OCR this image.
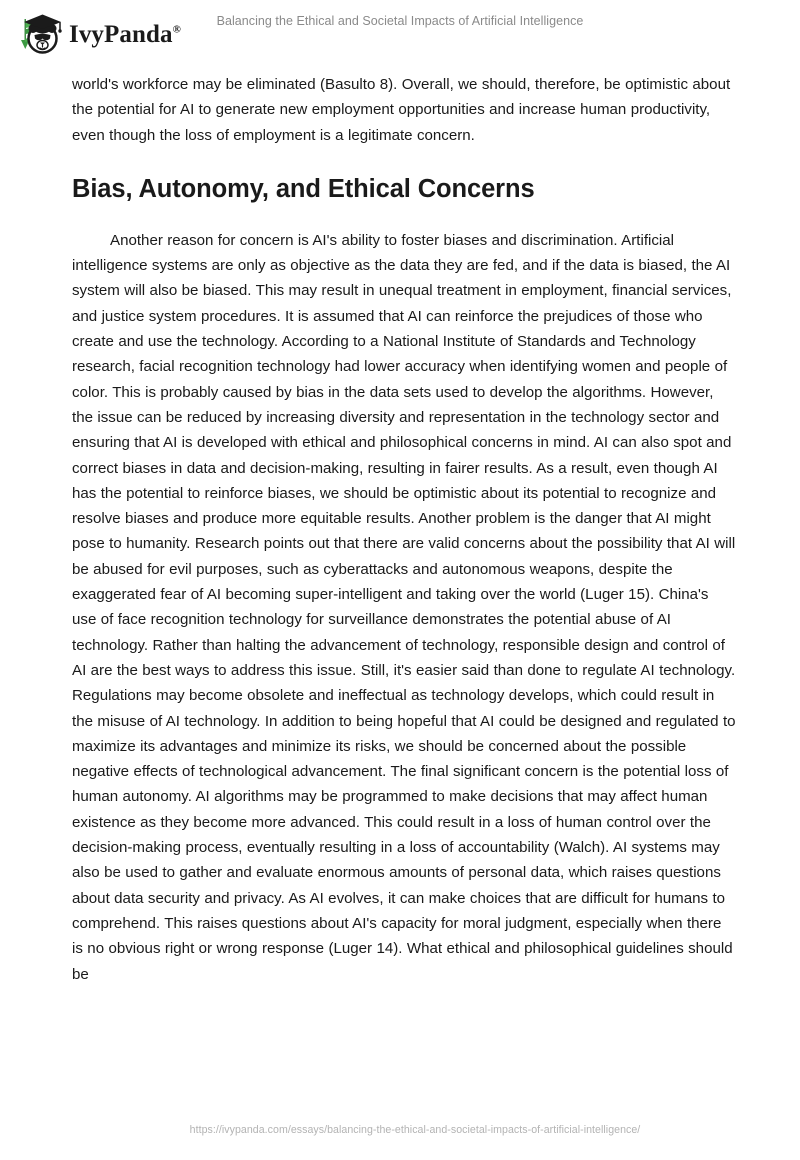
IvyPanda®
Balancing the Ethical and Societal Impacts of Artificial Intelligence

world's workforce may be eliminated (Basulto 8). Overall, we should, therefore, be optimistic about the potential for AI to generate new employment opportunities and increase human productivity, even though the loss of employment is a legitimate concern.

Bias, Autonomy, and Ethical Concerns

Another reason for concern is AI's ability to foster biases and discrimination. Artificial intelligence systems are only as objective as the data they are fed, and if the data is biased, the AI system will also be biased. This may result in unequal treatment in employment, financial services, and justice system procedures. It is assumed that AI can reinforce the prejudices of those who create and use the technology. According to a National Institute of Standards and Technology research, facial recognition technology had lower accuracy when identifying women and people of color. This is probably caused by bias in the data sets used to develop the algorithms. However, the issue can be reduced by increasing diversity and representation in the technology sector and ensuring that AI is developed with ethical and philosophical concerns in mind. AI can also spot and correct biases in data and decision-making, resulting in fairer results. As a result, even though AI has the potential to reinforce biases, we should be optimistic about its potential to recognize and resolve biases and produce more equitable results. Another problem is the danger that AI might pose to humanity. Research points out that there are valid concerns about the possibility that AI will be abused for evil purposes, such as cyberattacks and autonomous weapons, despite the exaggerated fear of AI becoming super-intelligent and taking over the world (Luger 15). China's use of face recognition technology for surveillance demonstrates the potential abuse of AI technology. Rather than halting the advancement of technology, responsible design and control of AI are the best ways to address this issue. Still, it's easier said than done to regulate AI technology. Regulations may become obsolete and ineffectual as technology develops, which could result in the misuse of AI technology. In addition to being hopeful that AI could be designed and regulated to maximize its advantages and minimize its risks, we should be concerned about the possible negative effects of technological advancement. The final significant concern is the potential loss of human autonomy. AI algorithms may be programmed to make decisions that may affect human existence as they become more advanced. This could result in a loss of human control over the decision-making process, eventually resulting in a loss of accountability (Walch). AI systems may also be used to gather and evaluate enormous amounts of personal data, which raises questions about data security and privacy. As AI evolves, it can make choices that are difficult for humans to comprehend. This raises questions about AI's capacity for moral judgment, especially when there is no obvious right or wrong response (Luger 14). What ethical and philosophical guidelines should be

https://ivypanda.com/essays/balancing-the-ethical-and-societal-impacts-of-artificial-intelligence/
